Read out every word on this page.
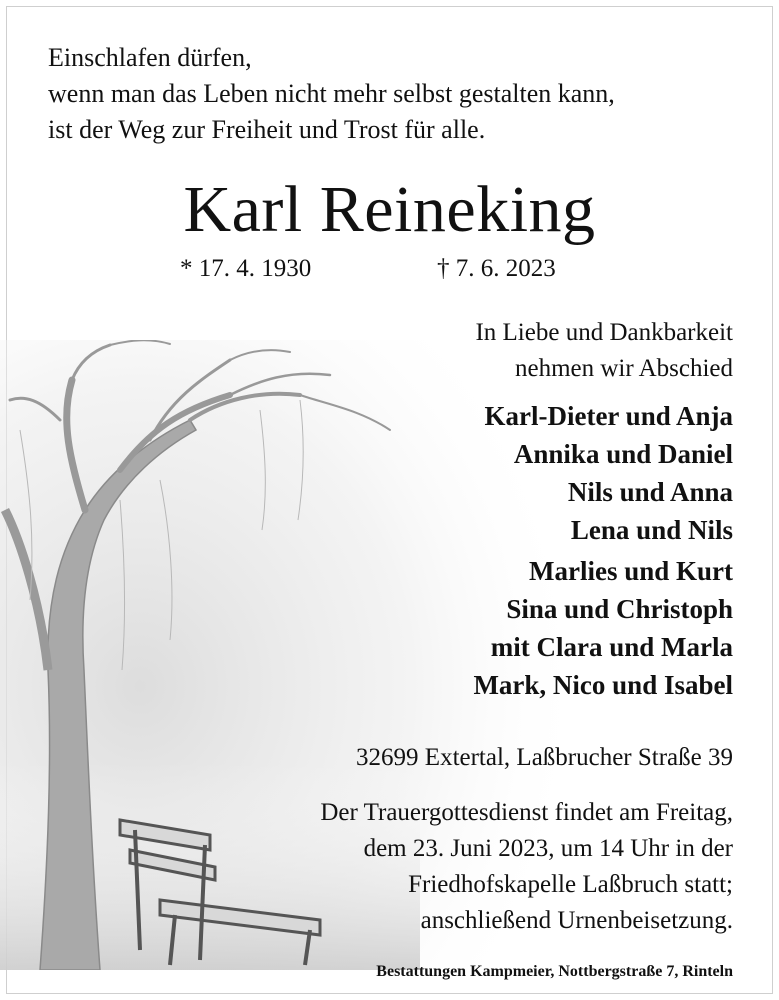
Einschlafen dürfen,
wenn man das Leben nicht mehr selbst gestalten kann,
ist der Weg zur Freiheit und Trost für alle.
Karl Reineking
* 17. 4. 1930	† 7. 6. 2023
In Liebe und Dankbarkeit
nehmen wir Abschied
Karl-Dieter und Anja
Annika und Daniel
Nils und Anna
Lena und Nils
Marlies und Kurt
Sina und Christoph
mit Clara und Marla
Mark, Nico und Isabel
32699 Extertal, Laßbrucher Straße 39
Der Trauergottesdienst findet am Freitag,
dem 23. Juni 2023, um 14 Uhr in der
Friedhofskapelle Laßbruch statt;
anschließend Urnenbeisetzung.
Bestattungen Kampmeier, Nottbergstraße 7, Rinteln
